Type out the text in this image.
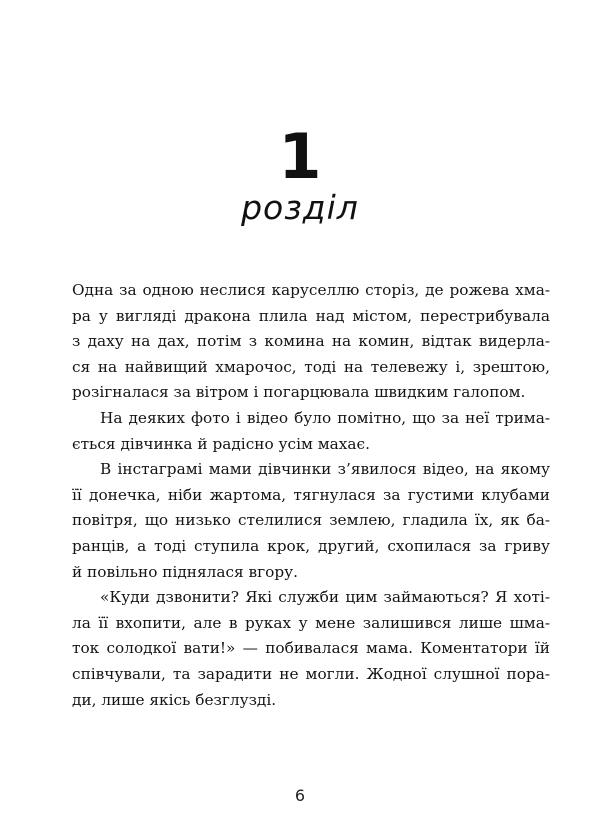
1
розділ

Одна за одною неслися каруселлю сторіз, де рожева хма-
ра у вигляді дракона плила над містом, перестрибувала
з даху на дах, потім з комина на комин, відтак видерла-
ся на найвищий хмарочос, тоді на телевежу і, зрештою,
розігналася за вітром і погарцювала швидким галопом.

На деяких фото і відео було помітно, що за неї трима-
ється дівчинка й радісно усім махає.

В інстаграмі мами дівчинки з’явилося відео, на якому
її донечка, ніби жартома, тягнулася за густими клубами
повітря, що низько стелилися землею, гладила їх, як ба-
ранців, а тоді ступила крок, другий, схопилася за гриву
й повільно піднялася вгору.

«Куди дзвонити? Які служби цим займаються? Я хоті-
ла її вхопити, але в руках у мене залишився лише шма-
ток солодкої вати!» — побивалася мама. Коментатори їй
співчували, та зарадити не могли. Жодної слушної пора-
ди, лише якісь безглузді.

6
